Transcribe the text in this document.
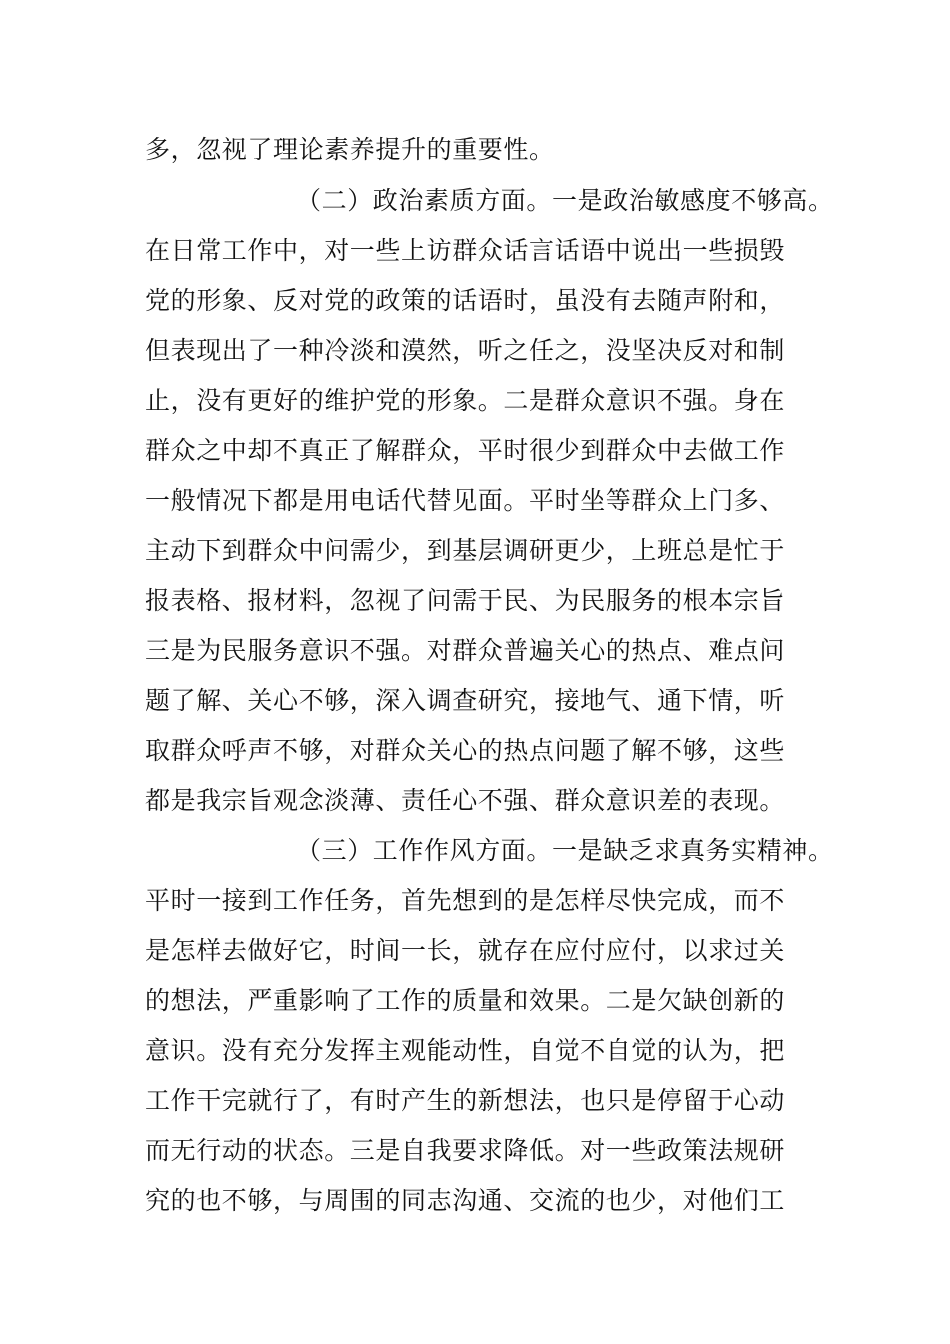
多，忽视了理论素养提升的重要性。
（二）政治素质方面。一是政治敏感度不够高。
在日常工作中，对一些上访群众话言话语中说出一些损毁
党的形象、反对党的政策的话语时，虽没有去随声附和，
但表现出了一种冷淡和漠然，听之任之，没坚决反对和制
止，没有更好的维护党的形象。二是群众意识不强。身在
群众之中却不真正了解群众，平时很少到群众中去做工作
一般情况下都是用电话代替见面。平时坐等群众上门多、
主动下到群众中问需少，到基层调研更少，上班总是忙于
报表格、报材料，忽视了问需于民、为民服务的根本宗旨
三是为民服务意识不强。对群众普遍关心的热点、难点问
题了解、关心不够，深入调查研究，接地气、通下情，听
取群众呼声不够，对群众关心的热点问题了解不够，这些
都是我宗旨观念淡薄、责任心不强、群众意识差的表现。
（三）工作作风方面。一是缺乏求真务实精神。
平时一接到工作任务，首先想到的是怎样尽快完成，而不
是怎样去做好它，时间一长，就存在应付应付，以求过关
的想法，严重影响了工作的质量和效果。二是欠缺创新的
意识。没有充分发挥主观能动性，自觉不自觉的认为，把
工作干完就行了，有时产生的新想法，也只是停留于心动
而无行动的状态。三是自我要求降低。对一些政策法规研
究的也不够，与周围的同志沟通、交流的也少，对他们工
